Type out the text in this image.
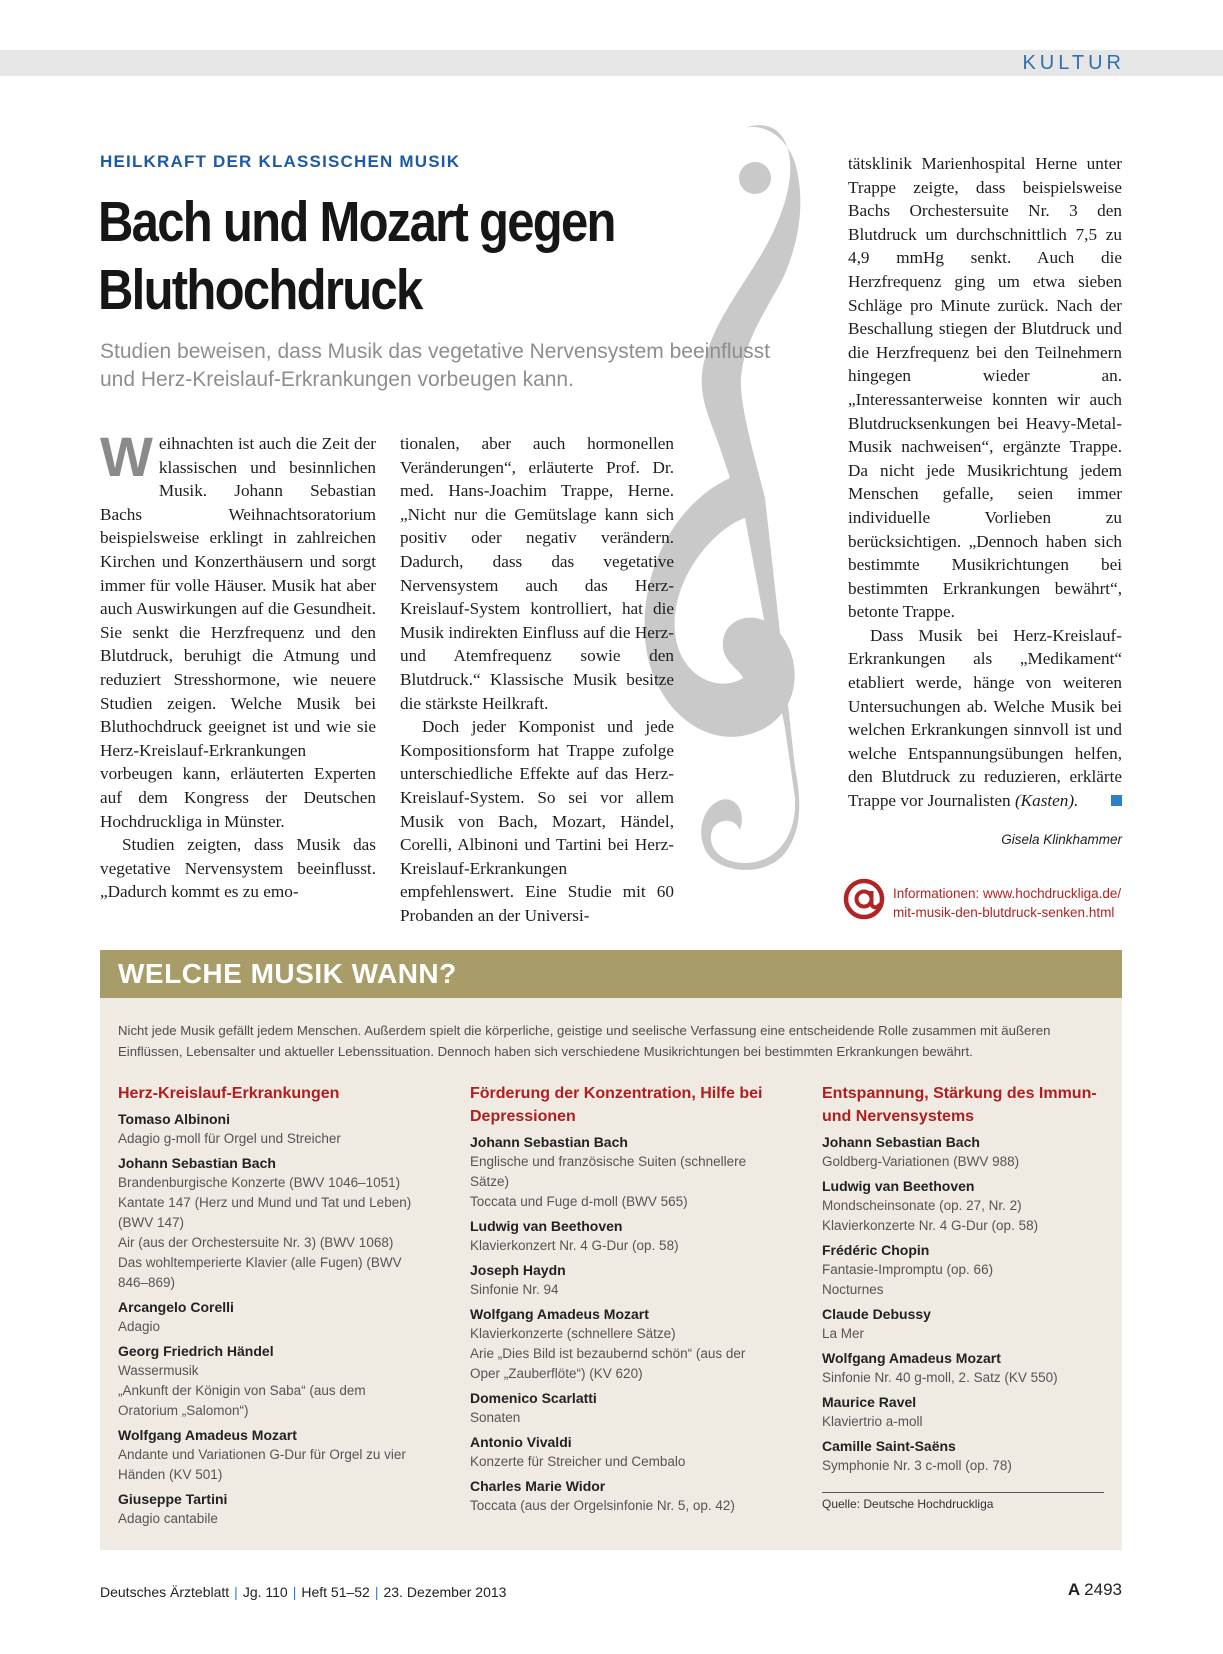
KULTUR
HEILKRAFT DER KLASSISCHEN MUSIK
Bach und Mozart gegen Bluthochdruck
Studien beweisen, dass Musik das vegetative Nervensystem beeinflusst und Herz-Kreislauf-Erkrankungen vorbeugen kann.

Weihnachten ist auch die Zeit der klassischen und besinnlichen Musik. Johann Sebastian Bachs Weihnachtsoratorium beispielsweise erklingt in zahlreichen Kirchen und Konzerthäusern und sorgt immer für volle Häuser. Musik hat aber auch Auswirkungen auf die Gesundheit. Sie senkt die Herzfrequenz und den Blutdruck, beruhigt die Atmung und reduziert Stresshormone, wie neuere Studien zeigen. Welche Musik bei Bluthochdruck geeignet ist und wie sie Herz-Kreislauf-Erkrankungen vorbeugen kann, erläuterten Experten auf dem Kongress der Deutschen Hochdruckliga in Münster.

Studien zeigten, dass Musik das vegetative Nervensystem beeinflusst. „Dadurch kommt es zu emo-

tionalen, aber auch hormonellen Veränderungen“, erläuterte Prof. Dr. med. Hans-Joachim Trappe, Herne. „Nicht nur die Gemütslage kann sich positiv oder negativ verändern. Dadurch, dass das vegetative Nervensystem auch das Herz-Kreislauf-System kontrolliert, hat die Musik indirekten Einfluss auf die Herz- und Atemfrequenz sowie den Blutdruck.“ Klassische Musik besitze die stärkste Heilkraft.

Doch jeder Komponist und jede Kompositionsform hat Trappe zufolge unterschiedliche Effekte auf das Herz-Kreislauf-System. So sei vor allem Musik von Bach, Mozart, Händel, Corelli, Albinoni und Tartini bei Herz-Kreislauf-Erkrankungen empfehlenswert. Eine Studie mit 60 Probanden an der Universi-

tätsklinik Marienhospital Herne unter Trappe zeigte, dass beispielsweise Bachs Orchestersuite Nr. 3 den Blutdruck um durchschnittlich 7,5 zu 4,9 mmHg senkt. Auch die Herzfrequenz ging um etwa sieben Schläge pro Minute zurück. Nach der Beschallung stiegen der Blutdruck und die Herzfrequenz bei den Teilnehmern hingegen wieder an. „Interessanterweise konnten wir auch Blutdrucksenkungen bei Heavy-Metal-Musik nachweisen“, ergänzte Trappe. Da nicht jede Musikrichtung jedem Menschen gefalle, seien immer individuelle Vorlieben zu berücksichtigen. „Dennoch haben sich bestimmte Musikrichtungen bei bestimmten Erkrankungen bewährt“, betonte Trappe.

Dass Musik bei Herz-Kreislauf-Erkrankungen als „Medikament“ etabliert werde, hänge von weiteren Untersuchungen ab. Welche Musik bei welchen Erkrankungen sinnvoll ist und welche Entspannungsübungen helfen, den Blutdruck zu reduzieren, erklärte Trappe vor Journalisten (Kasten).

Gisela Klinkhammer
Informationen: www.hochdruckliga.de/
mit-musik-den-blutdruck-senken.html
WELCHE MUSIK WANN?
Nicht jede Musik gefällt jedem Menschen. Außerdem spielt die körperliche, geistige und seelische Verfassung eine entscheidende Rolle zusammen mit äußeren Einflüssen, Lebensalter und aktueller Lebenssituation. Dennoch haben sich verschiedene Musikrichtungen bei bestimmten Erkrankungen bewährt.
Herz-Kreislauf-Erkrankungen
Tomaso Albinoni
Adagio g-moll für Orgel und Streicher
Johann Sebastian Bach
Brandenburgische Konzerte (BWV 1046–1051)
Kantate 147 (Herz und Mund und Tat und Leben) (BWV 147)
Air (aus der Orchestersuite Nr. 3) (BWV 1068)
Das wohltemperierte Klavier (alle Fugen) (BWV 846–869)
Arcangelo Corelli
Adagio
Georg Friedrich Händel
Wassermusik
„Ankunft der Königin von Saba“ (aus dem Oratorium „Salomon“)
Wolfgang Amadeus Mozart
Andante und Variationen G-Dur für Orgel zu vier Händen (KV 501)
Giuseppe Tartini
Adagio cantabile
Förderung der Konzentration, Hilfe bei Depressionen
Johann Sebastian Bach
Englische und französische Suiten (schnellere Sätze)
Toccata und Fuge d-moll (BWV 565)
Ludwig van Beethoven
Klavierkonzert Nr. 4 G-Dur (op. 58)
Joseph Haydn
Sinfonie Nr. 94
Wolfgang Amadeus Mozart
Klavierkonzerte (schnellere Sätze)
Arie „Dies Bild ist bezaubernd schön“ (aus der Oper „Zauberflöte“) (KV 620)
Domenico Scarlatti
Sonaten
Antonio Vivaldi
Konzerte für Streicher und Cembalo
Charles Marie Widor
Toccata (aus der Orgelsinfonie Nr. 5, op. 42)
Entspannung, Stärkung des Immun- und Nervensystems
Johann Sebastian Bach
Goldberg-Variationen (BWV 988)
Ludwig van Beethoven
Mondscheinsonate (op. 27, Nr. 2)
Klavierkonzerte Nr. 4 G-Dur (op. 58)
Frédéric Chopin
Fantasie-Impromptu (op. 66)
Nocturnes
Claude Debussy
La Mer
Wolfgang Amadeus Mozart
Sinfonie Nr. 40 g-moll, 2. Satz (KV 550)
Maurice Ravel
Klaviertrio a-moll
Camille Saint-Saëns
Symphonie Nr. 3 c-moll (op. 78)
Quelle: Deutsche Hochdruckliga
Deutsches Ärzteblatt | Jg. 110 | Heft 51–52 | 23. Dezember 2013	A 2493
